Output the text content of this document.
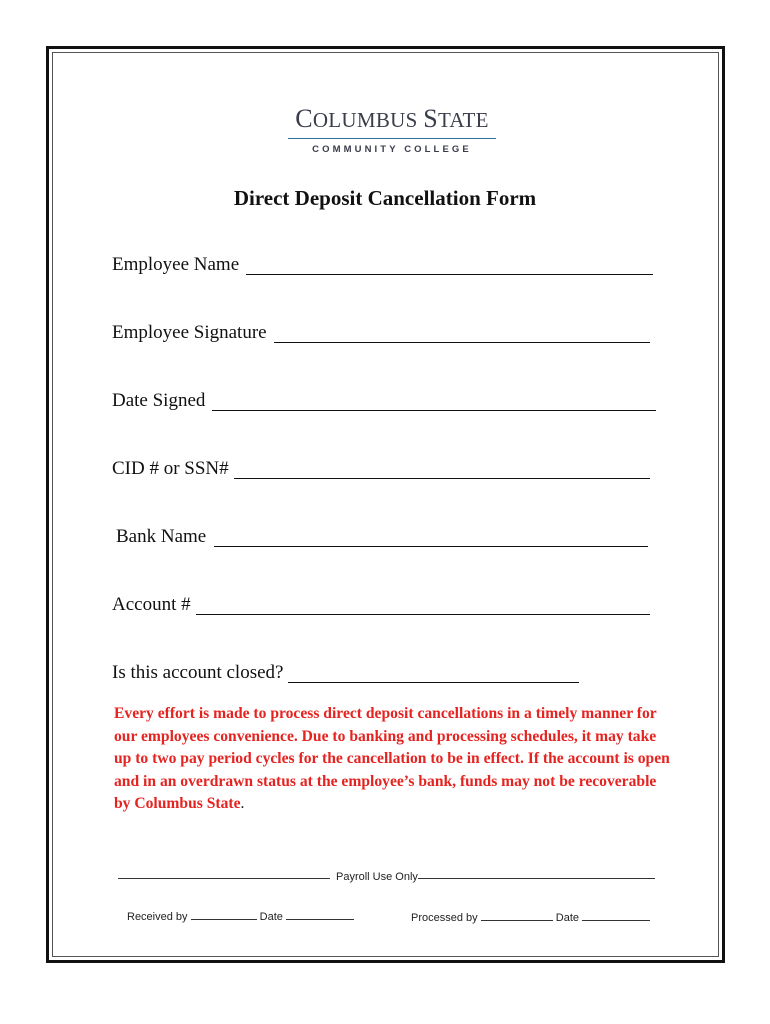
COLUMBUS STATE
COMMUNITY COLLEGE
Direct Deposit Cancellation Form
Employee Name
Employee Signature
Date Signed
CID # or SSN#
Bank Name
Account #
Is this account closed?
Every effort is made to process direct deposit cancellations in a timely manner for our employees convenience. Due to banking and processing schedules, it may take up to two pay period cycles for the cancellation to be in effect. If the account is open and in an overdrawn status at the employee’s bank, funds may not be recoverable by Columbus State.
Payroll Use Only
Received by	Date	Processed by	Date
